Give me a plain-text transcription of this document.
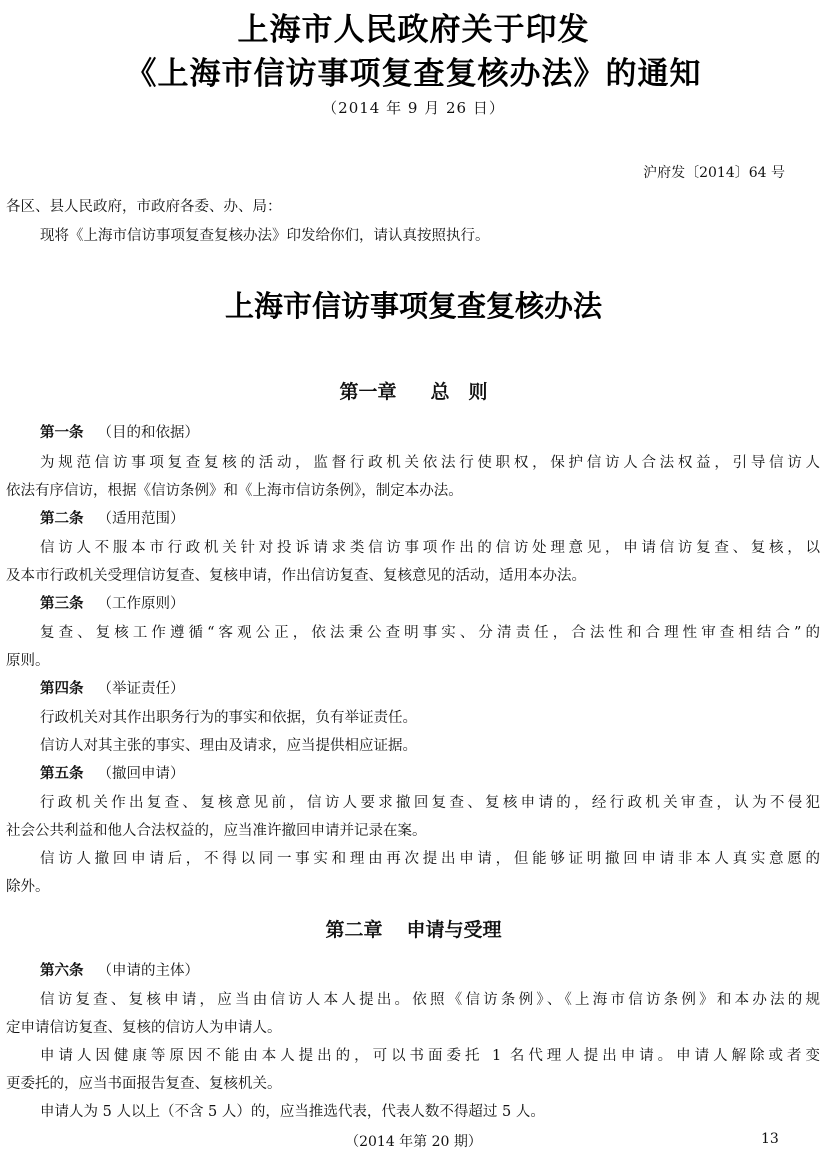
上海市人民政府关于印发
《上海市信访事项复查复核办法》的通知
（2014 年 9 月 26 日）
沪府发〔2014〕64 号
各区、县人民政府，市政府各委、办、局：
现将《上海市信访事项复查复核办法》印发给你们，请认真按照执行。
上海市信访事项复查复核办法
第一章 总　则
第一条 （目的和依据）
为规范信访事项复查复核的活动，监督行政机关依法行使职权，保护信访人合法权益，引导信访人
依法有序信访，根据《信访条例》和《上海市信访条例》，制定本办法。
第二条 （适用范围）
信访人不服本市行政机关针对投诉请求类信访事项作出的信访处理意见，申请信访复查、复核，以
及本市行政机关受理信访复查、复核申请，作出信访复查、复核意见的活动，适用本办法。
第三条 （工作原则）
复查、复核工作遵循“客观公正，依法秉公查明事实、分清责任，合法性和合理性审查相结合”的
原则。
第四条 （举证责任）
行政机关对其作出职务行为的事实和依据，负有举证责任。
信访人对其主张的事实、理由及请求，应当提供相应证据。
第五条 （撤回申请）
行政机关作出复查、复核意见前，信访人要求撤回复查、复核申请的，经行政机关审查，认为不侵犯
社会公共利益和他人合法权益的，应当准许撤回申请并记录在案。
信访人撤回申请后，不得以同一事实和理由再次提出申请，但能够证明撤回申请非本人真实意愿的
除外。
第二章 申请与受理
第六条 （申请的主体）
信访复查、复核申请，应当由信访人本人提出。依照《信访条例》、《上海市信访条例》和本办法的规
定申请信访复查、复核的信访人为申请人。
申请人因健康等原因不能由本人提出的，可以书面委托 1 名代理人提出申请。申请人解除或者变
更委托的，应当书面报告复查、复核机关。
申请人为 5 人以上（不含 5 人）的，应当推选代表，代表人数不得超过 5 人。
（2014 年第 20 期）	13
